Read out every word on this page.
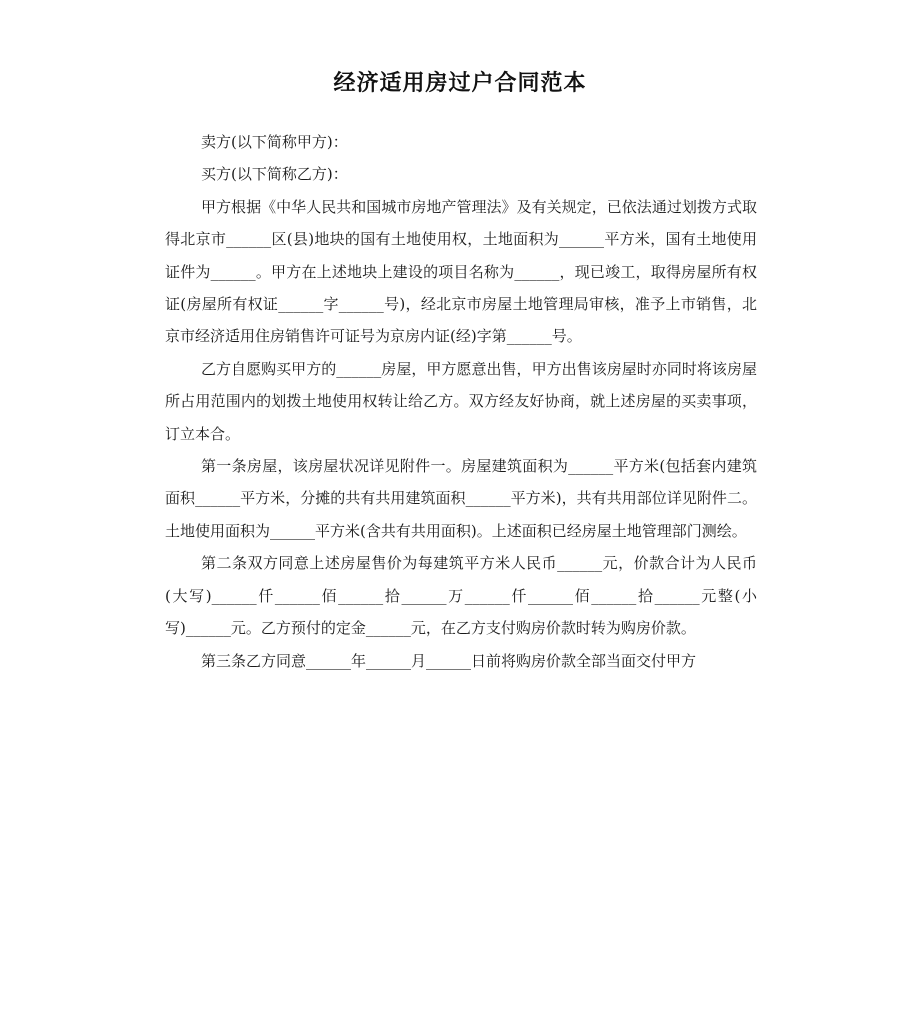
经济适用房过户合同范本

卖方(以下简称甲方)：

买方(以下简称乙方)：

甲方根据《中华人民共和国城市房地产管理法》及有关规定，已依法通过划拨方式取得北京市______区(县)地块的国有土地使用权，土地面积为______平方米，国有土地使用证件为______。甲方在上述地块上建设的项目名称为______，现已竣工，取得房屋所有权证(房屋所有权证______字______号)，经北京市房屋土地管理局审核，准予上市销售，北京市经济适用住房销售许可证号为京房内证(经)字第______号。

乙方自愿购买甲方的______房屋，甲方愿意出售，甲方出售该房屋时亦同时将该房屋所占用范围内的划拨土地使用权转让给乙方。双方经友好协商，就上述房屋的买卖事项，订立本合。

第一条房屋，该房屋状况详见附件一。房屋建筑面积为______平方米(包括套内建筑面积______平方米，分摊的共有共用建筑面积______平方米)，共有共用部位详见附件二。土地使用面积为______平方米(含共有共用面积)。上述面积已经房屋土地管理部门测绘。

第二条双方同意上述房屋售价为每建筑平方米人民币______元，价款合计为人民币(大写)______仟______佰______拾______万______仟______佰______拾______元整(小写)______元。乙方预付的定金______元，在乙方支付购房价款时转为购房价款。

第三条乙方同意______年______月______日前将购房价款全部当面交付甲方
